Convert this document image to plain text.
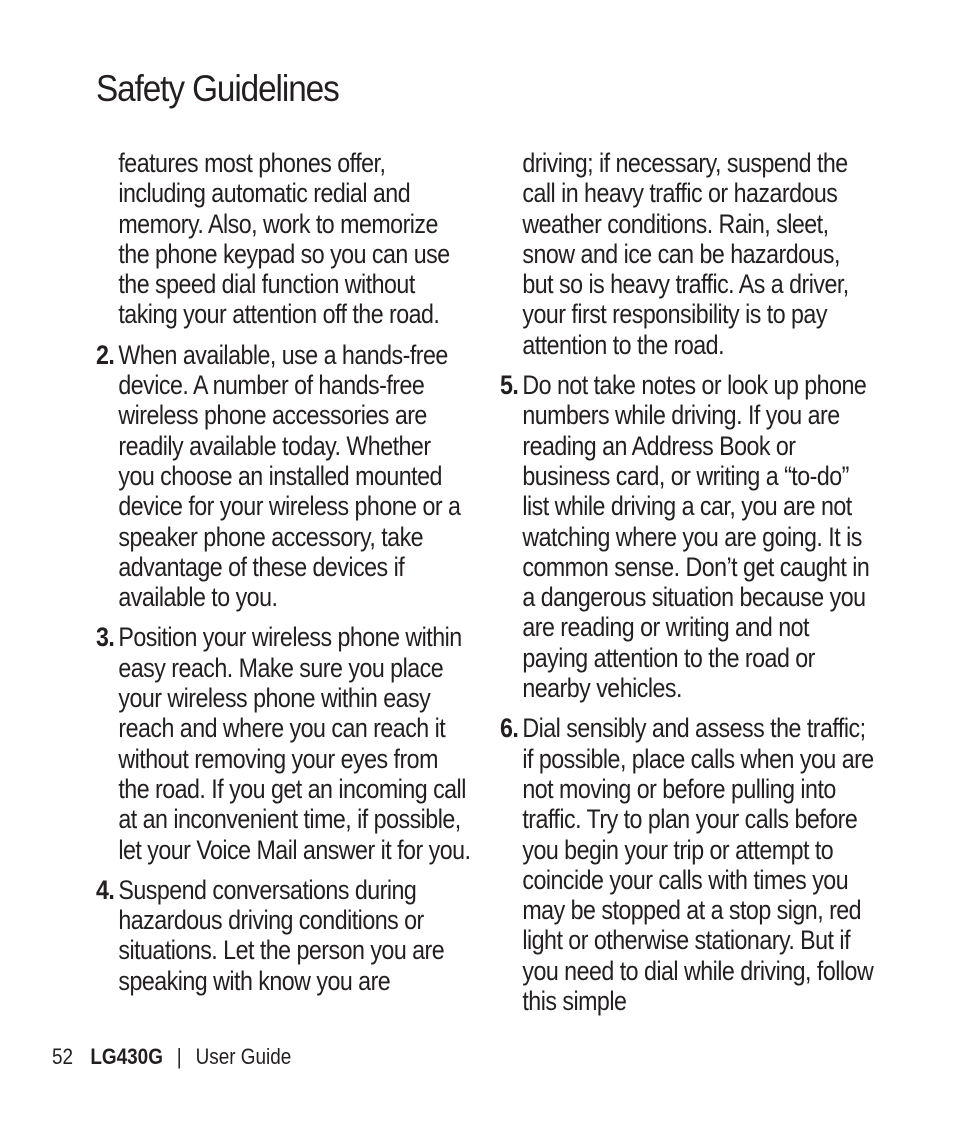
Safety Guidelines

features most phones offer, including automatic redial and memory. Also, work to memorize the phone keypad so you can use the speed dial function without taking your attention off the road.

2. When available, use a hands-free device. A number of hands-free wireless phone accessories are readily available today. Whether you choose an installed mounted device for your wireless phone or a speaker phone accessory, take advantage of these devices if available to you.
3. Position your wireless phone within easy reach. Make sure you place your wireless phone within easy reach and where you can reach it without removing your eyes from the road. If you get an incoming call at an inconvenient time, if possible, let your Voice Mail answer it for you.
4. Suspend conversations during hazardous driving conditions or situations. Let the person you are speaking with know you are

driving; if necessary, suspend the call in heavy traffic or hazardous weather conditions. Rain, sleet, snow and ice can be hazardous, but so is heavy traffic. As a driver, your first responsibility is to pay attention to the road.

5. Do not take notes or look up phone numbers while driving. If you are reading an Address Book or business card, or writing a “to-do” list while driving a car, you are not watching where you are going. It is common sense. Don’t get caught in a dangerous situation because you are reading or writing and not paying attention to the road or nearby vehicles.
6. Dial sensibly and assess the traffic; if possible, place calls when you are not moving or before pulling into traffic. Try to plan your calls before you begin your trip or attempt to coincide your calls with times you may be stopped at a stop sign, red light or otherwise stationary. But if you need to dial while driving, follow this simple
52 LG430G | User Guide
